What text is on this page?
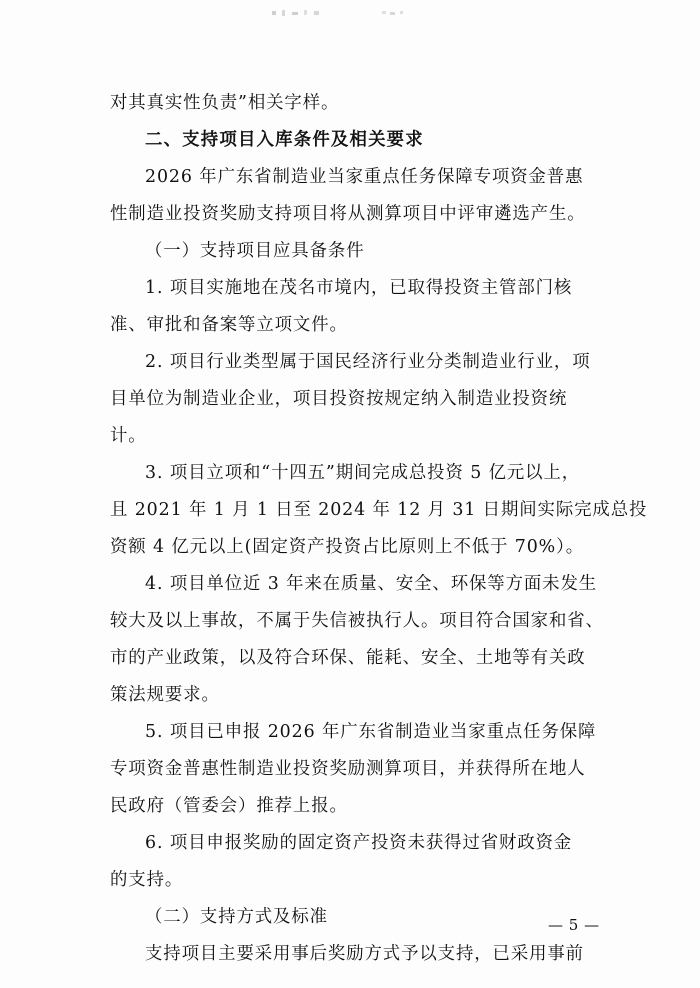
对其真实性负责”相关字样。

二、支持项目入库条件及相关要求

2026 年广东省制造业当家重点任务保障专项资金普惠

性制造业投资奖励支持项目将从测算项目中评审遴选产生。

（一）支持项目应具备条件

1. 项目实施地在茂名市境内，已取得投资主管部门核

准、审批和备案等立项文件。

2. 项目行业类型属于国民经济行业分类制造业行业，项

目单位为制造业企业，项目投资按规定纳入制造业投资统

计。

3. 项目立项和“十四五”期间完成总投资 5 亿元以上，

且 2021 年 1 月 1 日至 2024 年 12 月 31 日期间实际完成总投

资额 4 亿元以上(固定资产投资占比原则上不低于 70%）。

4. 项目单位近 3 年来在质量、安全、环保等方面未发生

较大及以上事故，不属于失信被执行人。项目符合国家和省、

市的产业政策，以及符合环保、能耗、安全、土地等有关政

策法规要求。

5. 项目已申报 2026 年广东省制造业当家重点任务保障

专项资金普惠性制造业投资奖励测算项目，并获得所在地人

民政府（管委会）推荐上报。

6. 项目申报奖励的固定资产投资未获得过省财政资金

的支持。

（二）支持方式及标准

支持项目主要采用事后奖励方式予以支持，已采用事前

— 5 —
